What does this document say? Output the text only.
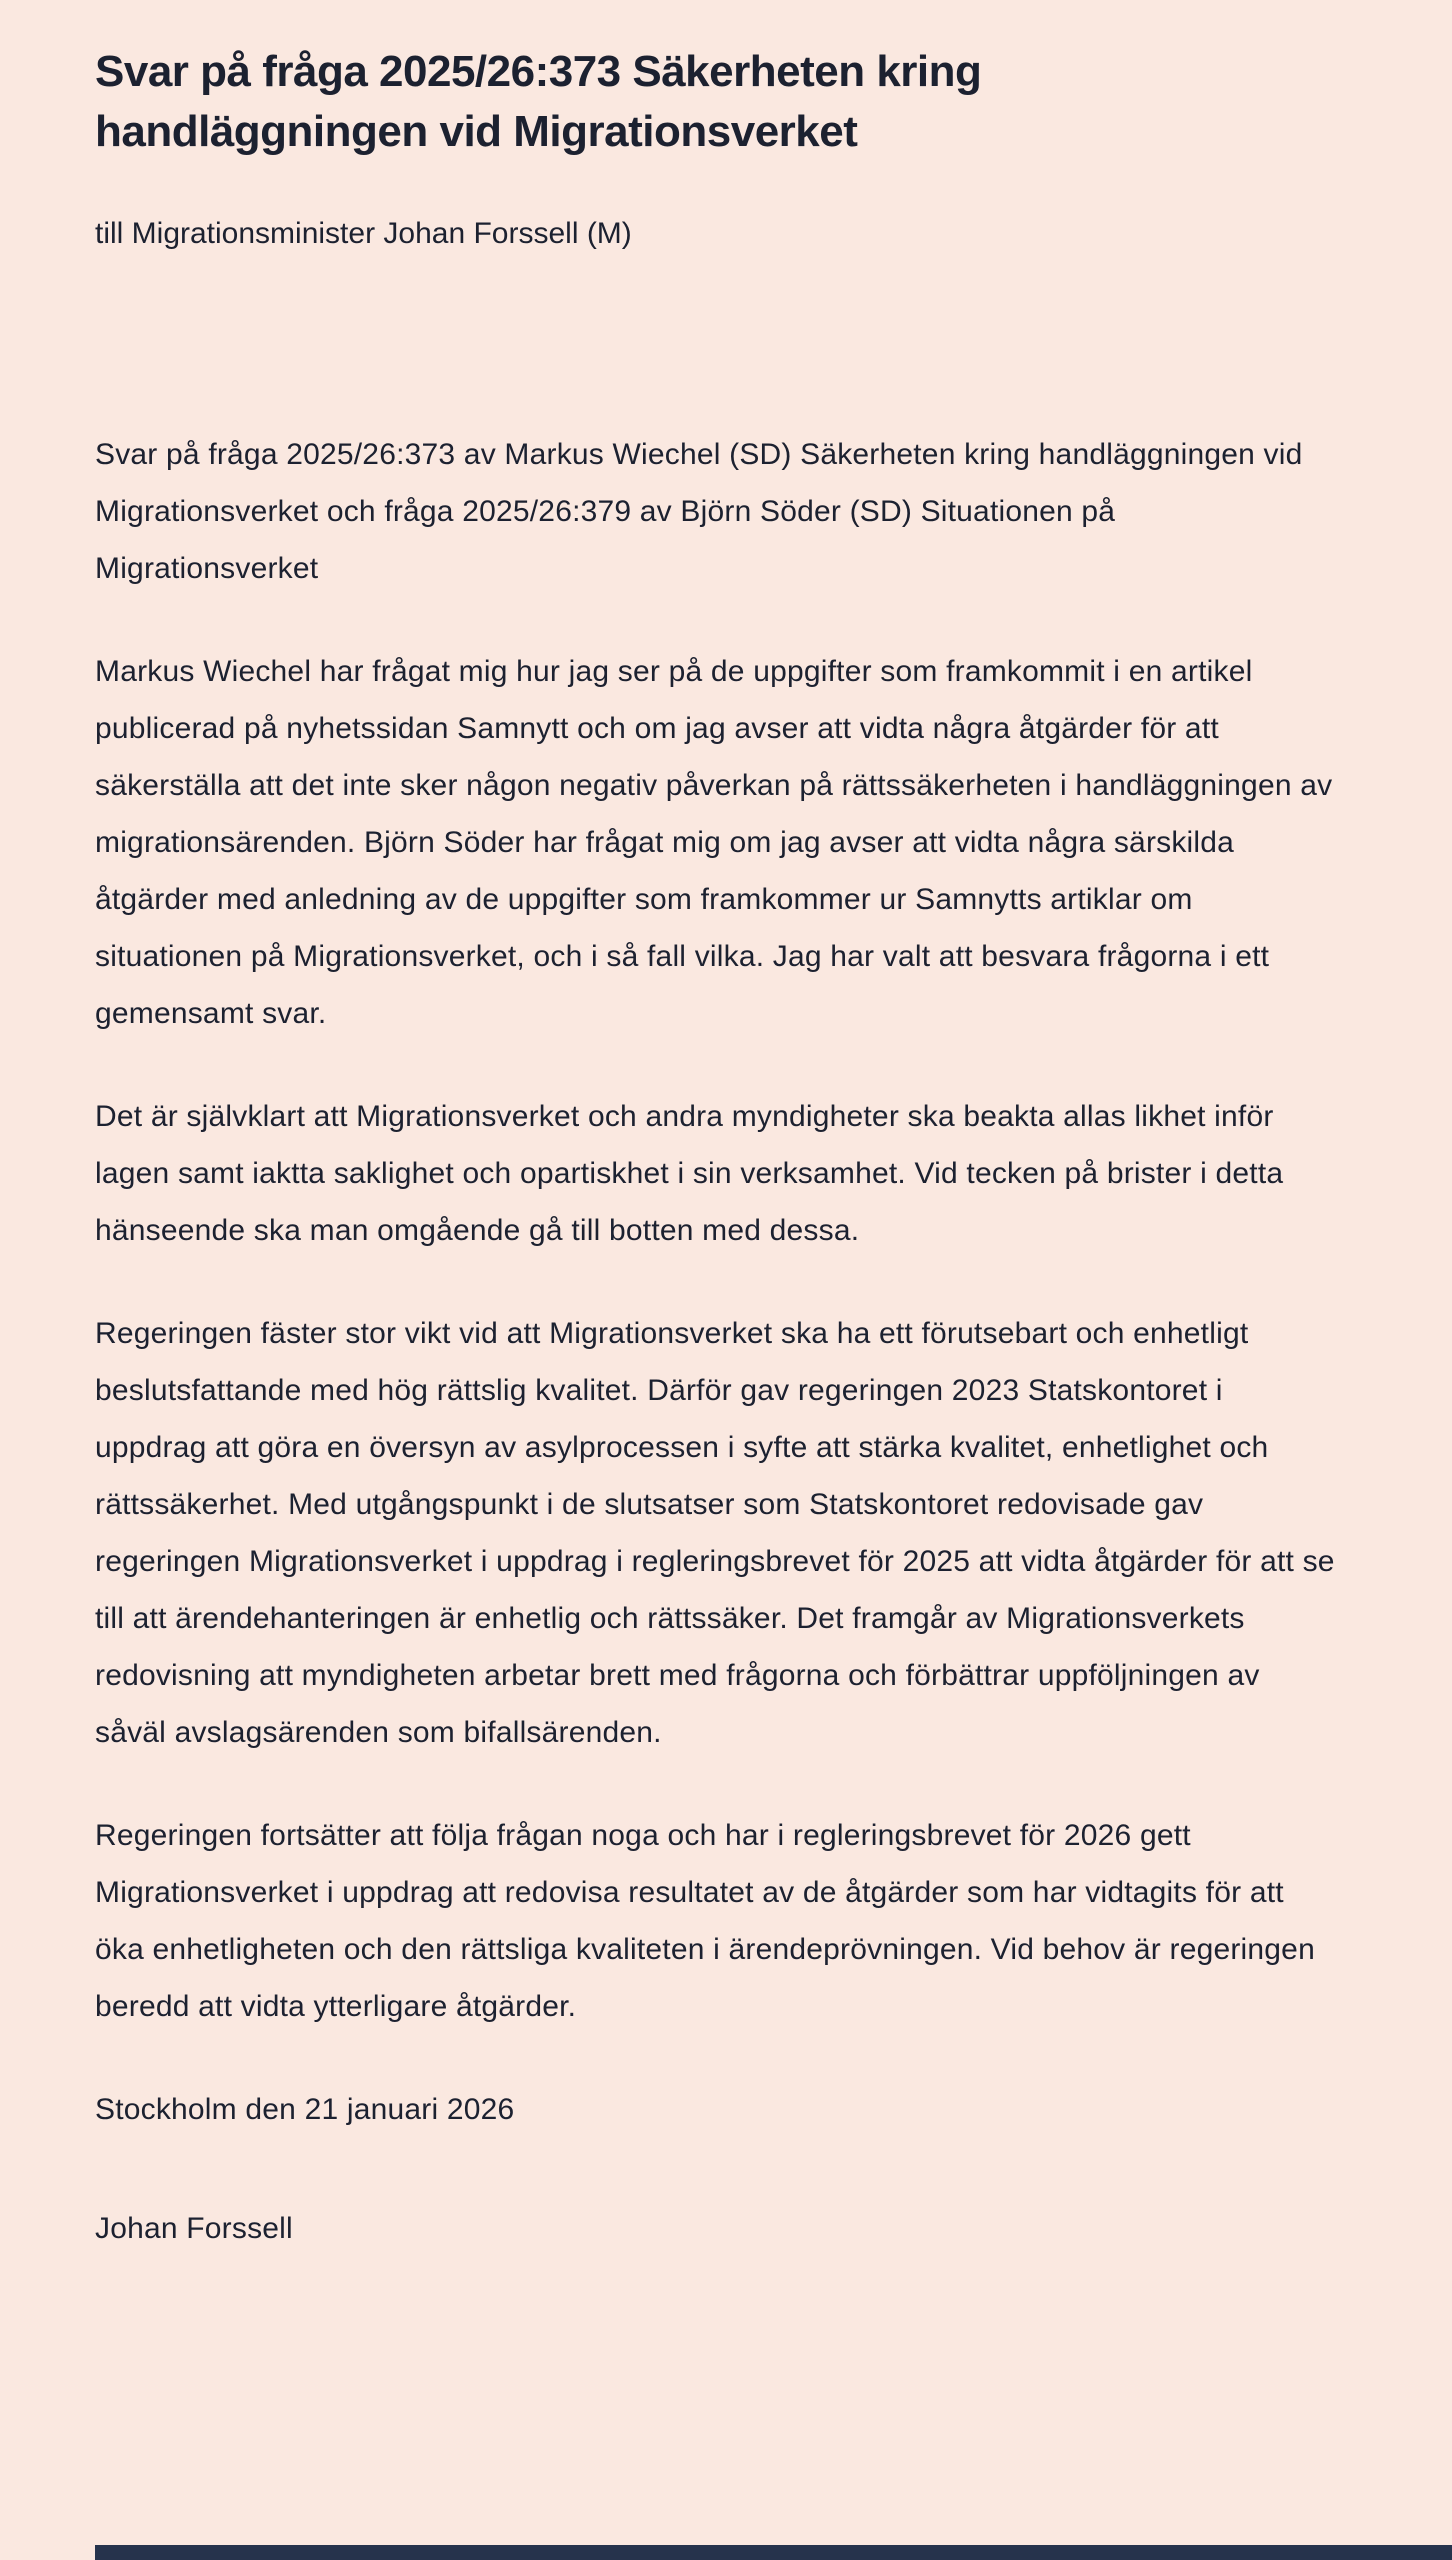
Svar på fråga 2025/26:373 Säkerheten kring handläggningen vid Migrationsverket

till Migrationsminister Johan Forssell (M)

Svar på fråga 2025/26:373 av Markus Wiechel (SD) Säkerheten kring handläggningen vid Migrationsverket och fråga 2025/26:379 av Björn Söder (SD) Situationen på Migrationsverket

Markus Wiechel har frågat mig hur jag ser på de uppgifter som framkommit i en artikel publicerad på nyhetssidan Samnytt och om jag avser att vidta några åtgärder för att säkerställa att det inte sker någon negativ påverkan på rättssäkerheten i handläggningen av migrationsärenden. Björn Söder har frågat mig om jag avser att vidta några särskilda åtgärder med anledning av de uppgifter som framkommer ur Samnytts artiklar om situationen på Migrationsverket, och i så fall vilka. Jag har valt att besvara frågorna i ett gemensamt svar.

Det är självklart att Migrationsverket och andra myndigheter ska beakta allas likhet inför lagen samt iaktta saklighet och opartiskhet i sin verksamhet. Vid tecken på brister i detta hänseende ska man omgående gå till botten med dessa.

Regeringen fäster stor vikt vid att Migrationsverket ska ha ett förutsebart och enhetligt beslutsfattande med hög rättslig kvalitet. Därför gav regeringen 2023 Statskontoret i uppdrag att göra en översyn av asylprocessen i syfte att stärka kvalitet, enhetlighet och rättssäkerhet. Med utgångspunkt i de slutsatser som Statskontoret redovisade gav regeringen Migrationsverket i uppdrag i regleringsbrevet för 2025 att vidta åtgärder för att se till att ärendehanteringen är enhetlig och rättssäker. Det framgår av Migrationsverkets redovisning att myndigheten arbetar brett med frågorna och förbättrar uppföljningen av såväl avslagsärenden som bifallsärenden.

Regeringen fortsätter att följa frågan noga och har i regleringsbrevet för 2026 gett Migrationsverket i uppdrag att redovisa resultatet av de åtgärder som har vidtagits för att öka enhetligheten och den rättsliga kvaliteten i ärendeprövningen. Vid behov är regeringen beredd att vidta ytterligare åtgärder.

Stockholm den 21 januari 2026

Johan Forssell
